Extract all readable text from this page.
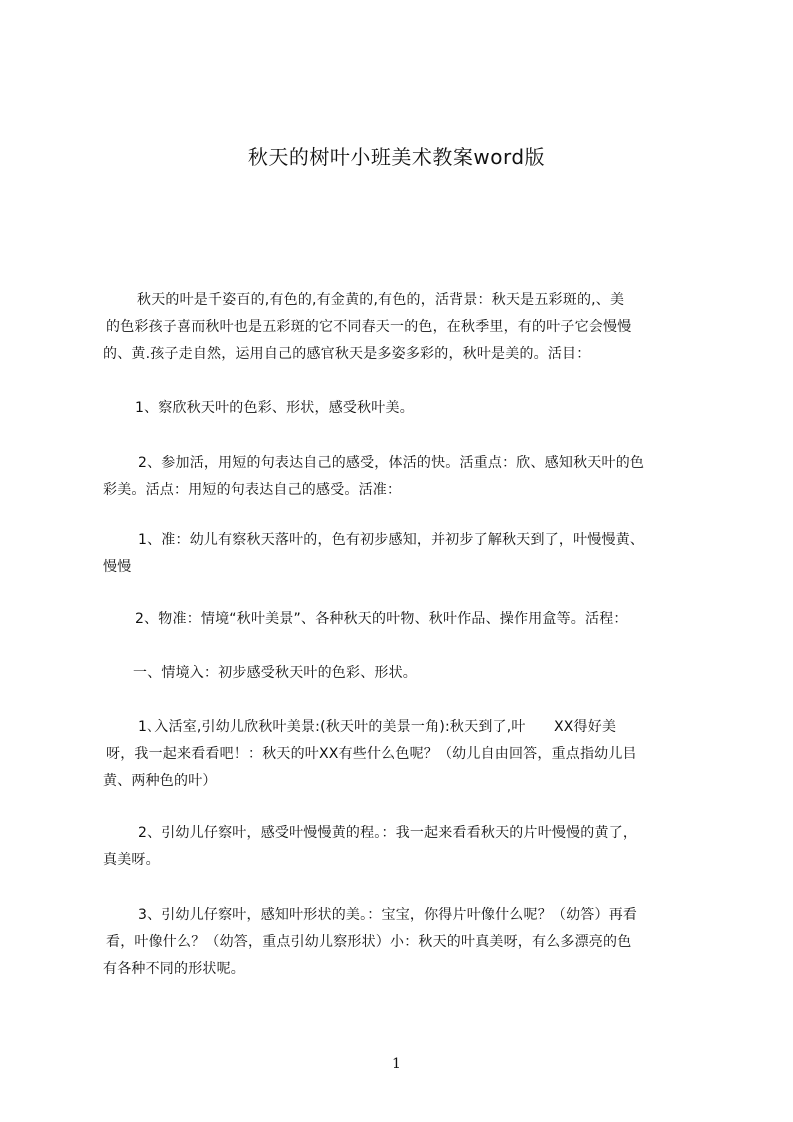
秋天的树叶小班美术教案word版
秋天的叶是千姿百的,有色的,有金黄的,有色的，活背景：秋天是五彩斑的,、美
的色彩孩子喜而秋叶也是五彩斑的它不同春天一的色，在秋季里，有的叶子它会慢慢
的、黄.孩子走自然，运用自己的感官秋天是多姿多彩的，秋叶是美的。活目：
1、察欣秋天叶的色彩、形状，感受秋叶美。
2、参加活，用短的句表达自己的感受，体活的快。活重点：欣、感知秋天叶的色
彩美。活点：用短的句表达自己的感受。活准：
1、准：幼儿有察秋天落叶的，色有初步感知，并初步了解秋天到了，叶慢慢黄、
慢慢
2、物准：情境“秋叶美景”、各种秋天的叶物、秋叶作品、操作用盒等。活程：
一、情境入：初步感受秋天叶的色彩、形状。
1､入活室,引幼儿欣秋叶美景:(秋天叶的美景一角):秋天到了,叶　　XX得好美
呀，我一起来看看吧！：秋天的叶XX有些什么色呢？（幼儿自由回答，重点指幼儿㠯
黄、两种色的叶）
2、引幼儿仔察叶，感受叶慢慢黄的程。：我一起来看看秋天的片叶慢慢的黄了，
真美呀。
3、引幼儿仔察叶，感知叶形状的美。：宝宝，你得片叶像什么呢？（幼答）再看
看，叶像什么？（幼答，重点引幼儿察形状）小：秋天的叶真美呀，有么多漂亮的色
有各种不同的形状呢。
1
